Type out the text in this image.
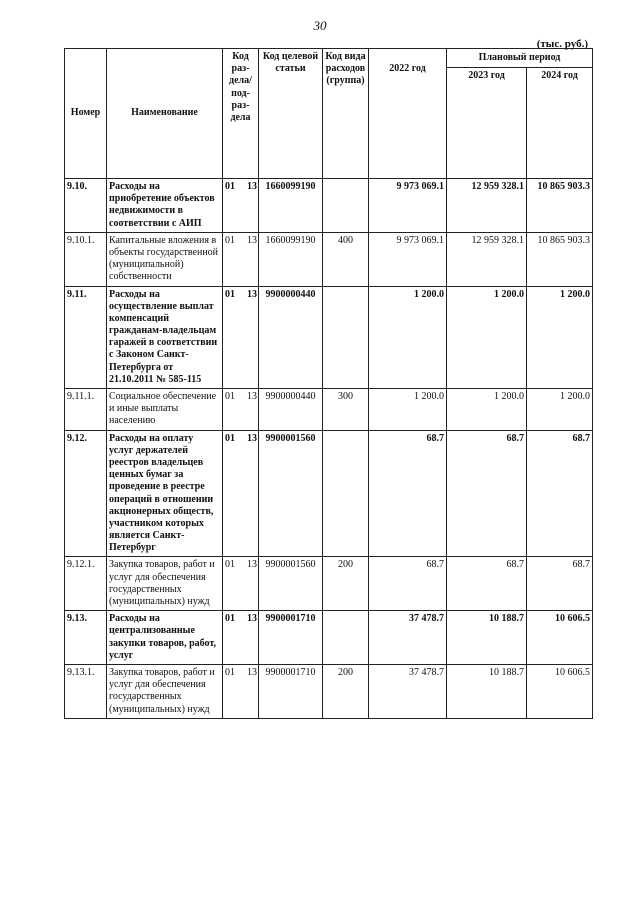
30
(тыс. руб.)
Номер	Наименование	Код раз-дела/ под-раз-дела	Код целевой статьи	Код вида расходов (группа)	2022 год	Плановый период	
						2023 год	2024 год
9.10.	Расходы на приобретение объектов недвижимости в соответствии с АИП	01 13	1660099190		9 973 069.1	12 959 328.1	10 865 903.3
9.10.1.	Капитальные вложения в объекты государственной (муниципальной) собственности	01 13	1660099190	400	9 973 069.1	12 959 328.1	10 865 903.3
9.11.	Расходы на осуществление выплат компенсаций гражданам-владельцам гаражей в соответствии с Законом Санкт-Петербурга от 21.10.2011 № 585-115	01 13	9900000440		1 200.0	1 200.0	1 200.0
9.11.1.	Социальное обеспечение и иные выплаты населению	01 13	9900000440	300	1 200.0	1 200.0	1 200.0
9.12.	Расходы на оплату услуг держателей реестров владельцев ценных бумаг за проведение в реестре операций в отношении акционерных обществ, участником которых является Санкт-Петербург	01 13	9900001560		68.7	68.7	68.7
9.12.1.	Закупка товаров, работ и услуг для обеспечения государственных (муниципальных) нужд	01 13	9900001560	200	68.7	68.7	68.7
9.13.	Расходы на централизованные закупки товаров, работ, услуг	01 13	9900001710		37 478.7	10 188.7	10 606.5
9.13.1.	Закупка товаров, работ и услуг для обеспечения государственных (муниципальных) нужд	01 13	9900001710	200	37 478.7	10 188.7	10 606.5
